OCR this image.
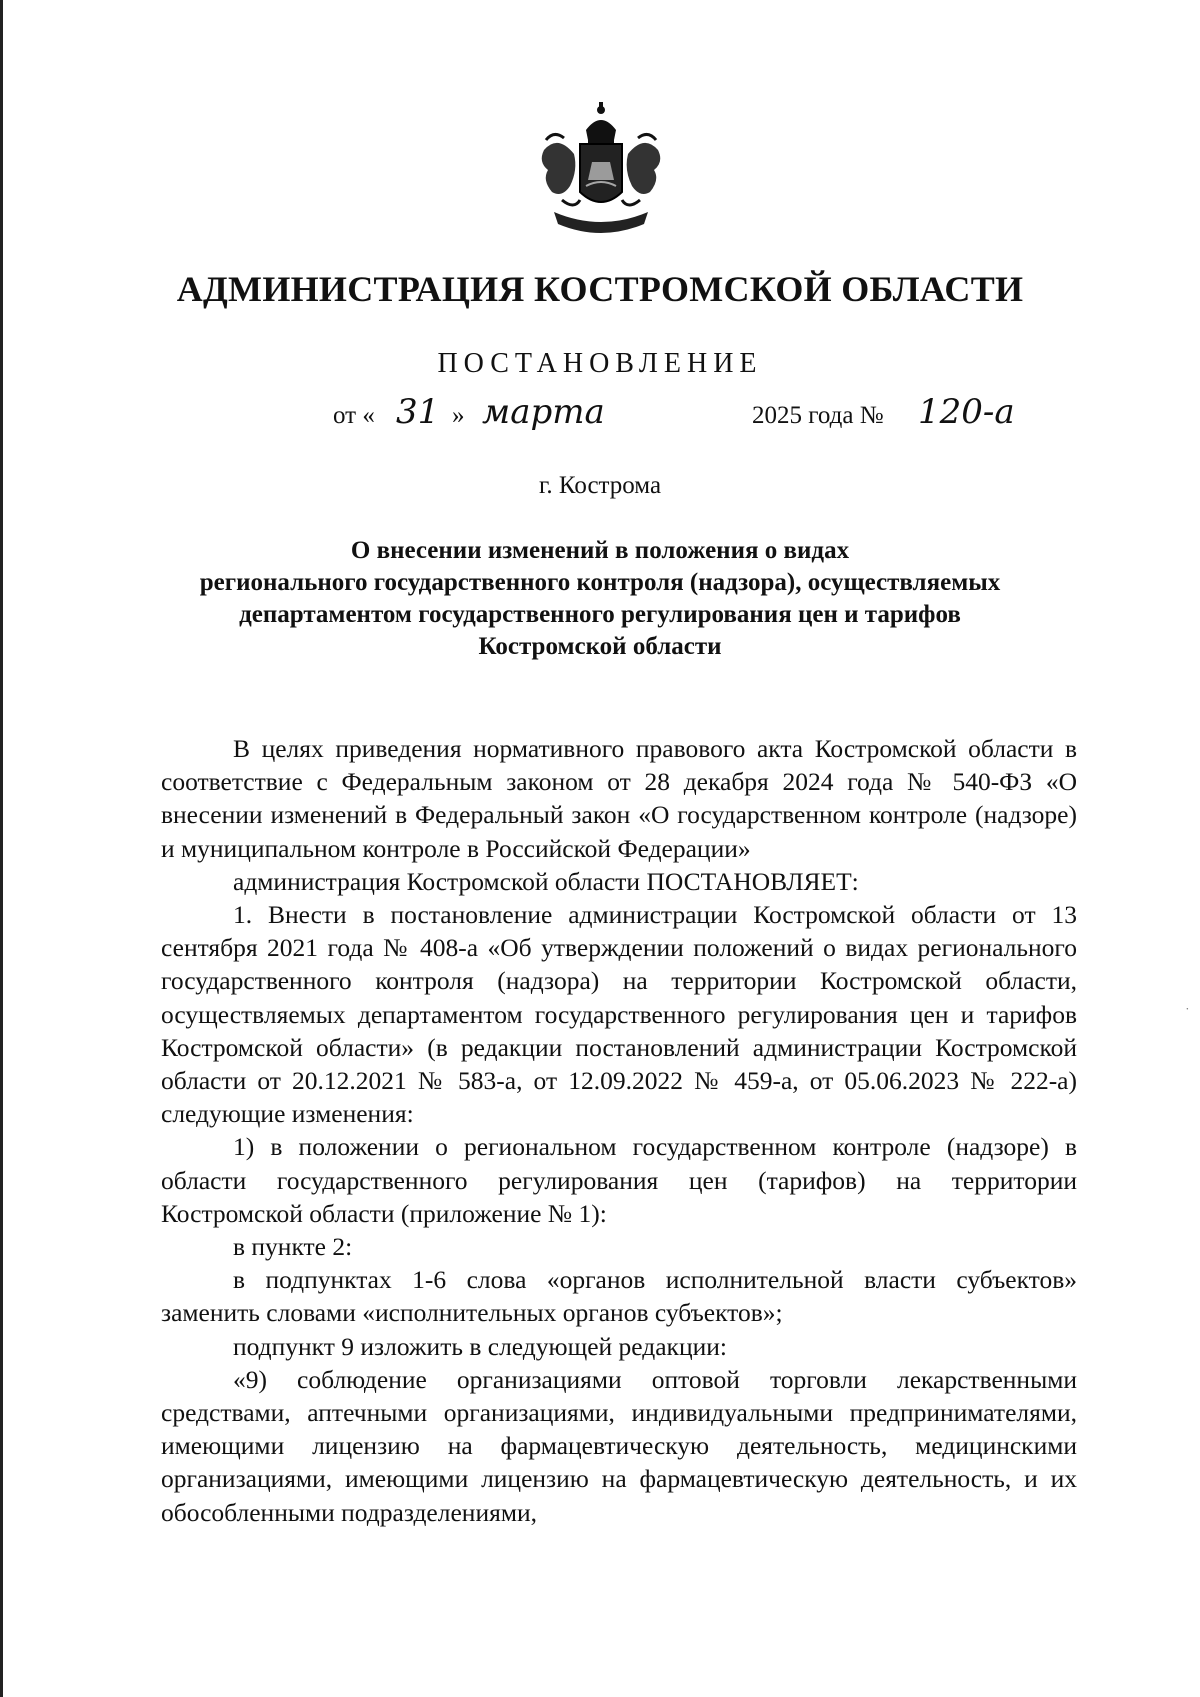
АДМИНИСТРАЦИЯ КОСТРОМСКОЙ ОБЛАСТИ
ПОСТАНОВЛЕНИЕ
от « 31 » марта	2025 года № 120-а
г. Кострома
О внесении изменений в положения о видах
регионального государственного контроля (надзора), осуществляемых
департаментом государственного регулирования цен и тарифов
Костромской области

В целях приведения нормативного правового акта Костромской области в соответствие с Федеральным законом от 28 декабря 2024 года № 540-ФЗ «О внесении изменений в Федеральный закон «О государственном контроле (надзоре) и муниципальном контроле в Российской Федерации»

администрация Костромской области ПОСТАНОВЛЯЕТ:

1. Внести в постановление администрации Костромской области от 13 сентября 2021 года № 408-а «Об утверждении положений о видах регионального государственного контроля (надзора) на территории Костромской области, осуществляемых департаментом государственного регулирования цен и тарифов Костромской области» (в редакции постановлений администрации Костромской области от 20.12.2021 № 583-а, от 12.09.2022 № 459-а, от 05.06.2023 № 222-а) следующие изменения:

1) в положении о региональном государственном контроле (надзоре) в области государственного регулирования цен (тарифов) на территории Костромской области (приложение № 1):

в пункте 2:

в подпунктах 1-6 слова «органов исполнительной власти субъектов» заменить словами «исполнительных органов субъектов»;

подпункт 9 изложить в следующей редакции:

«9) соблюдение организациями оптовой торговли лекарственными средствами, аптечными организациями, индивидуальными предпринимателями, имеющими лицензию на фармацевтическую деятельность, медицинскими организациями, имеющими лицензию на фармацевтическую деятельность, и их обособленными подразделениями,

˙
